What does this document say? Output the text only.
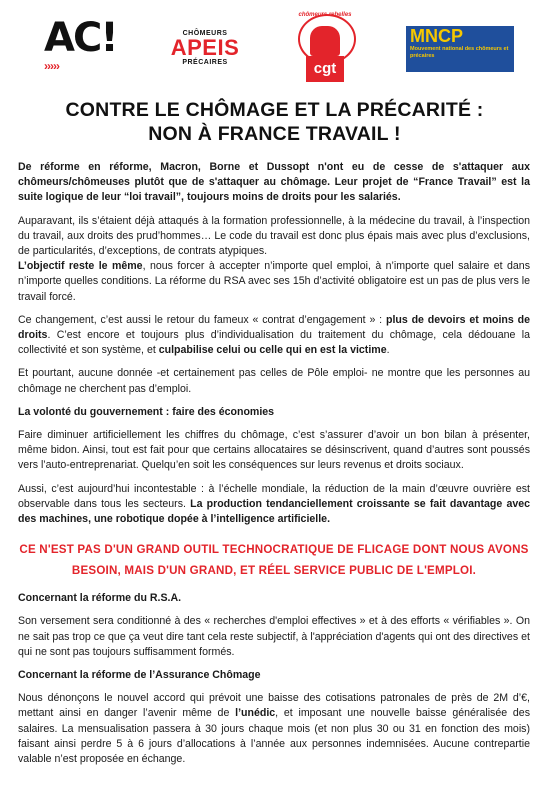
AC!
›››››
CHÔMEURS
APEIS
PRÉCAIRES
chômeurs rebelles
cgt
MNCP
Mouvement national des chômeurs et précaires
CONTRE LE CHÔMAGE ET LA PRÉCARITÉ :
NON À FRANCE TRAVAIL !

De réforme en réforme, Macron, Borne et Dussopt n'ont eu de cesse de s'attaquer aux chômeurs/chômeuses plutôt que de s'attaquer au chômage. Leur projet de “France Travail” est la suite logique de leur “loi travail”, toujours moins de droits pour les salariés.

Auparavant, ils s’étaient déjà attaqués à la formation professionnelle, à la médecine du travail, à l’inspection du travail, aux droits des prud’hommes… Le code du travail est donc plus épais mais avec plus d’exclusions, de particularités, d’exceptions, de contrats atypiques.

L’objectif reste le même, nous forcer à accepter n’importe quel emploi, à n’importe quel salaire et dans n’importe quelles conditions. La réforme du RSA avec ses 15h d’activité obligatoire est un pas de plus vers le travail forcé.

Ce changement, c’est aussi le retour du fameux « contrat d’engagement » : plus de devoirs et moins de droits. C’est encore et toujours plus d’individualisation du traitement du chômage, cela dédouane la collectivité et son système, et culpabilise celui ou celle qui en est la victime.

Et pourtant, aucune donnée -et certainement pas celles de Pôle emploi- ne montre que les personnes au chômage ne cherchent pas d’emploi.

La volonté du gouvernement : faire des économies

Faire diminuer artificiellement les chiffres du chômage, c’est s’assurer d’avoir un bon bilan à présenter, même bidon. Ainsi, tout est fait pour que certains allocataires se désinscrivent, quand d’autres sont poussés vers l’auto-entreprenariat. Quelqu’en soit les conséquences sur leurs revenus et droits sociaux.

Aussi, c’est aujourd’hui incontestable : à l’échelle mondiale, la réduction de la main d’œuvre ouvrière est observable dans tous les secteurs. La production tendanciellement croissante se fait davantage avec des machines, une robotique dopée à l’intelligence artificielle.

CE N'EST PAS D'UN GRAND OUTIL TECHNOCRATIQUE DE FLICAGE DONT NOUS AVONS
BESOIN, MAIS D'UN GRAND, ET RÉEL SERVICE PUBLIC DE L'EMPLOI.

Concernant la réforme du R.S.A.

Son versement sera conditionné à des « recherches d'emploi effectives » et à des efforts « vérifiables ». On ne sait pas trop ce que ça veut dire tant cela reste subjectif, à l'appréciation d'agents qui ont des directives et qui ne sont pas toujours suffisamment formés.

Concernant la réforme de l’Assurance Chômage

Nous dénonçons le nouvel accord qui prévoit une baisse des cotisations patronales de près de 2M d’€, mettant ainsi en danger l’avenir même de l’unédic, et imposant une nouvelle baisse généralisée des salaires. La mensualisation passera à 30 jours chaque mois (et non plus 30 ou 31 en fonction des mois) faisant ainsi perdre 5 à 6 jours d’allocations à l’année aux personnes indemnisées. Aucune contrepartie valable n’est proposée en échange.
